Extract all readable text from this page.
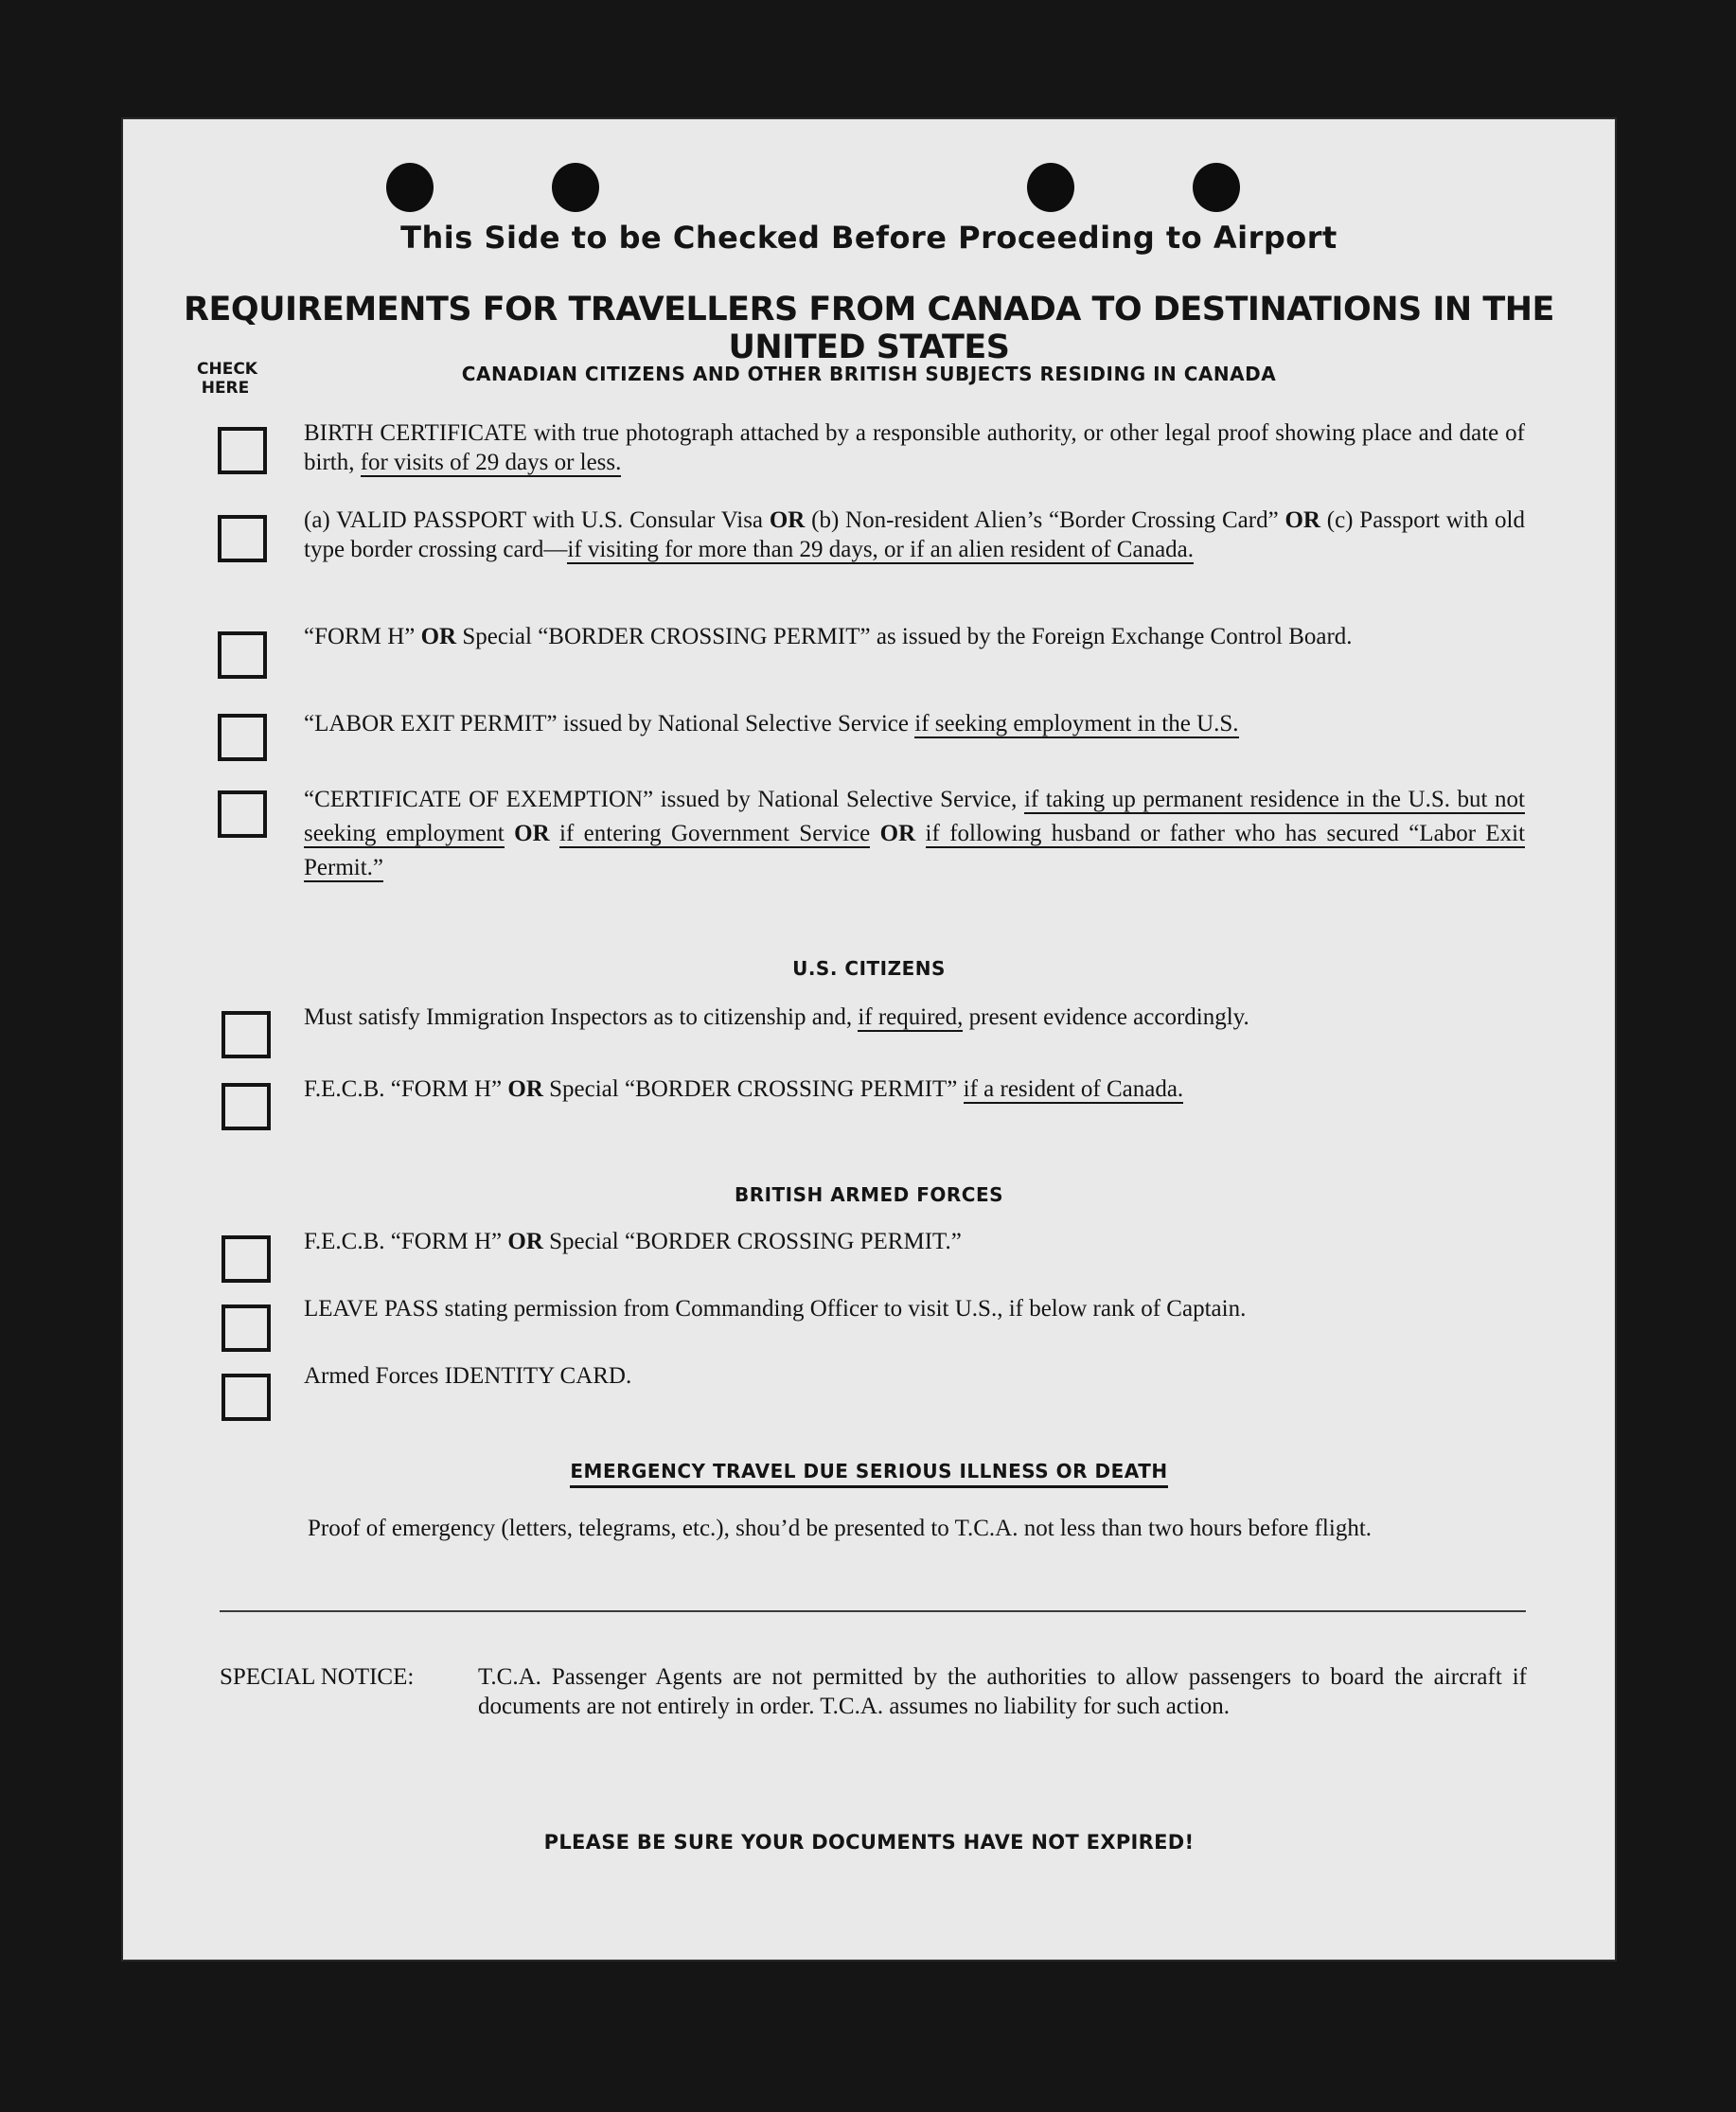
This Side to be Checked Before Proceeding to Airport
REQUIREMENTS FOR TRAVELLERS FROM CANADA TO DESTINATIONS IN THE UNITED STATES
CHECK HERE
CANADIAN CITIZENS AND OTHER BRITISH SUBJECTS RESIDING IN CANADA
BIRTH CERTIFICATE with true photograph attached by a responsible authority, or other legal proof showing place and date of birth, for visits of 29 days or less.
(a) VALID PASSPORT with U.S. Consular Visa OR (b) Non-resident Alien’s “Border Crossing Card” OR (c) Passport with old type border crossing card—if visiting for more than 29 days, or if an alien resident of Canada.
“FORM H” OR Special “BORDER CROSSING PERMIT” as issued by the Foreign Exchange Control Board.
“LABOR EXIT PERMIT” issued by National Selective Service if seeking employment in the U.S.
“CERTIFICATE OF EXEMPTION” issued by National Selective Service, if taking up permanent residence in the U.S. but not seeking employment OR if entering Government Service OR if following husband or father who has secured “Labor Exit Permit.”
U.S. CITIZENS
Must satisfy Immigration Inspectors as to citizenship and, if required, present evidence accordingly.
F.E.C.B. “FORM H” OR Special “BORDER CROSSING PERMIT” if a resident of Canada.
BRITISH ARMED FORCES
F.E.C.B. “FORM H” OR Special “BORDER CROSSING PERMIT.”
LEAVE PASS stating permission from Commanding Officer to visit U.S., if below rank of Captain.
Armed Forces IDENTITY CARD.
EMERGENCY TRAVEL DUE SERIOUS ILLNESS OR DEATH
Proof of emergency (letters, telegrams, etc.), shou’d be presented to T.C.A. not less than two hours before flight.
SPECIAL NOTICE:	T.C.A. Passenger Agents are not permitted by the authorities to allow passengers to board the aircraft if documents are not entirely in order. T.C.A. assumes no liability for such action.
PLEASE BE SURE YOUR DOCUMENTS HAVE NOT EXPIRED!
